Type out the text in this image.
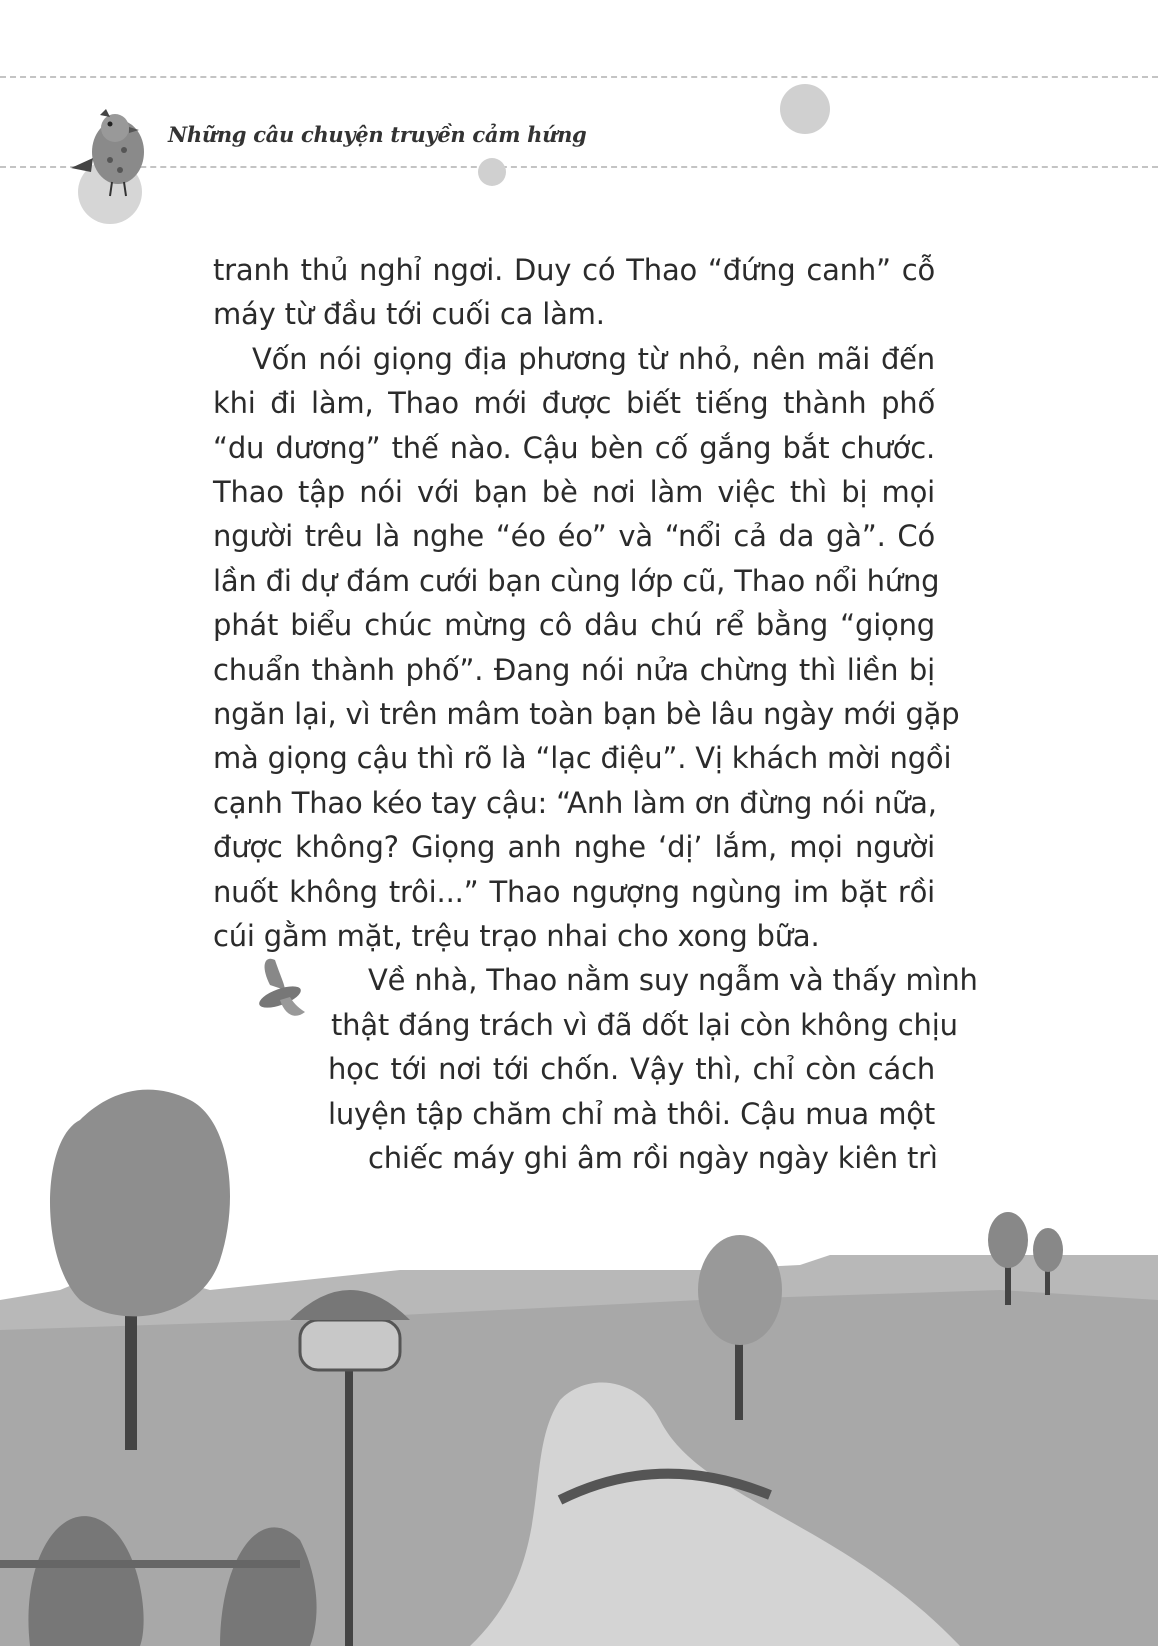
Những câu chuyện truyền cảm hứng
tranh thủ nghỉ ngơi. Duy có Thao “đứng canh” cỗ
máy từ đầu tới cuối ca làm.
Vốn nói giọng địa phương từ nhỏ, nên mãi đến
khi đi làm, Thao mới được biết tiếng thành phố
“du dương” thế nào. Cậu bèn cố gắng bắt chước.
Thao tập nói với bạn bè nơi làm việc thì bị mọi
người trêu là nghe “éo éo” và “nổi cả da gà”. Có
lần đi dự đám cưới bạn cùng lớp cũ, Thao nổi hứng
phát biểu chúc mừng cô dâu chú rể bằng “giọng
chuẩn thành phố”. Đang nói nửa chừng thì liền bị
ngăn lại, vì trên mâm toàn bạn bè lâu ngày mới gặp
mà giọng cậu thì rõ là “lạc điệu”. Vị khách mời ngồi
cạnh Thao kéo tay cậu: “Anh làm ơn đừng nói nữa,
được không? Giọng anh nghe ‘dị’ lắm, mọi người
nuốt không trôi...” Thao ngượng ngùng im bặt rồi
cúi gằm mặt, trệu trạo nhai cho xong bữa.
Về nhà, Thao nằm suy ngẫm và thấy mình
thật đáng trách vì đã dốt lại còn không chịu
học tới nơi tới chốn. Vậy thì, chỉ còn cách
luyện tập chăm chỉ mà thôi. Cậu mua một
chiếc máy ghi âm rồi ngày ngày kiên trì
